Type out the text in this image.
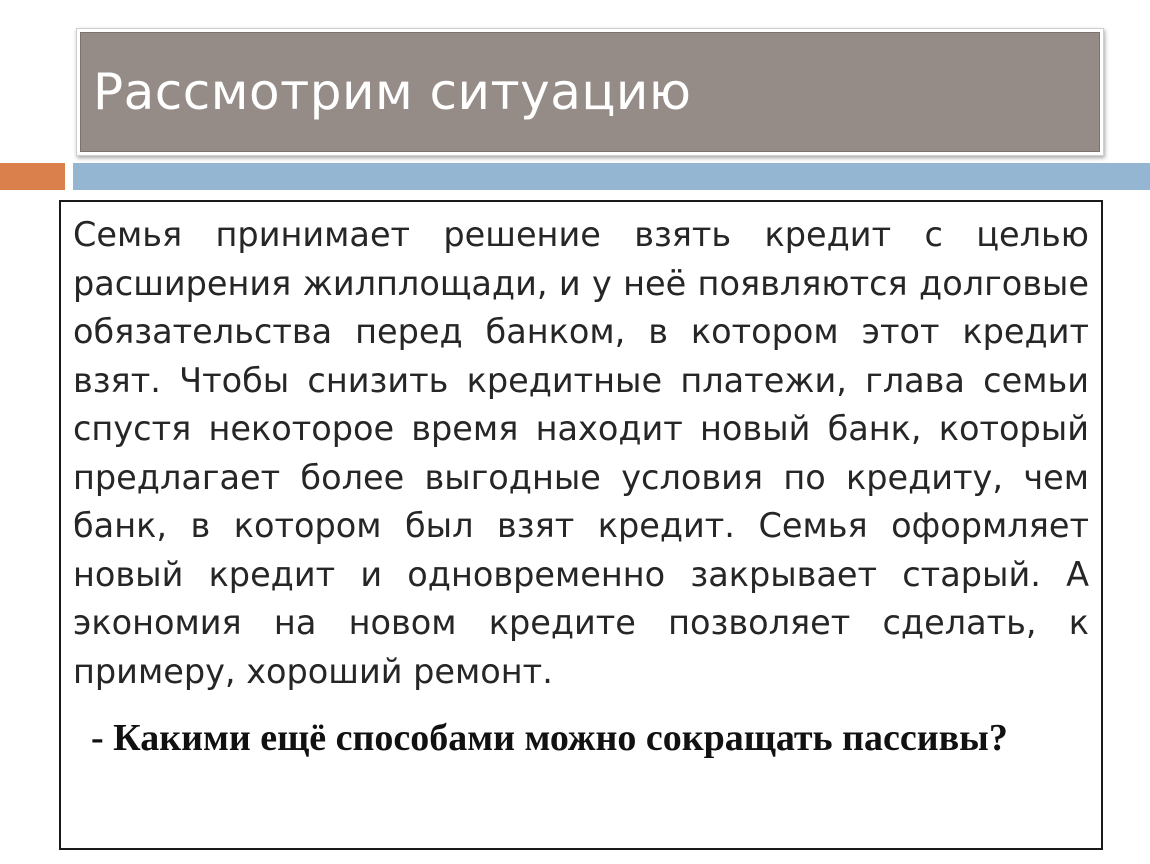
Рассмотрим ситуацию

Семья принимает решение взять кредит с целью расширения жилплощади, и у неё появляются долговые обязательства перед банком, в котором этот кредит взят. Чтобы снизить кредитные платежи, глава семьи спустя некоторое время находит новый банк, который предлагает более выгодные условия по кредиту, чем банк, в котором был взят кредит. Семья оформляет новый кредит и одновременно закрывает старый. А экономия на новом кредите позволяет сделать, к примеру, хороший ремонт.

- Какими ещё способами можно сокращать пассивы?
